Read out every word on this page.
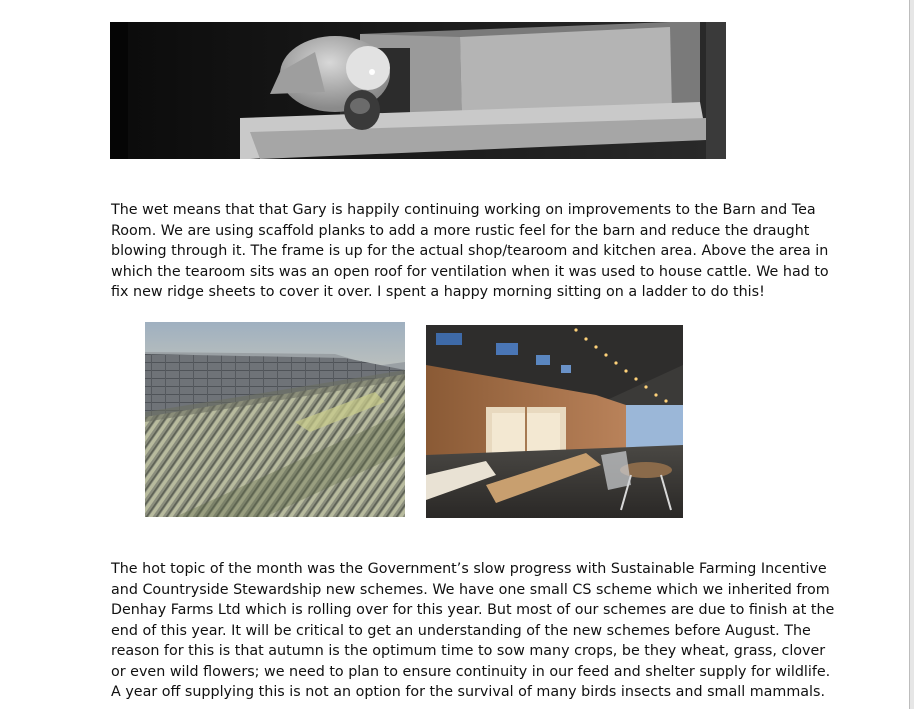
The wet means that that Gary is happily continuing working on improvements to the Barn and Tea
Room. We are using scaffold planks to add a more rustic feel for the barn and reduce the draught
blowing through it. The frame is up for the actual shop/tearoom and kitchen area. Above the area in
which the tearoom sits was an open roof for ventilation when it was used to house cattle. We had to
fix new ridge sheets to cover it over. I spent a happy morning sitting on a ladder to do this!
The hot topic of the month was the Government’s slow progress with Sustainable Farming Incentive
and Countryside Stewardship new schemes. We have one small CS scheme which we inherited from
Denhay Farms Ltd which is rolling over for this year. But most of our schemes are due to finish at the
end of this year. It will be critical to get an understanding of the new schemes before August. The
reason for this is that autumn is the optimum time to sow many crops, be they wheat, grass, clover
or even wild flowers; we need to plan to ensure continuity in our feed and shelter supply for wildlife.
A year off supplying this is not an option for the survival of many birds insects and small mammals.
